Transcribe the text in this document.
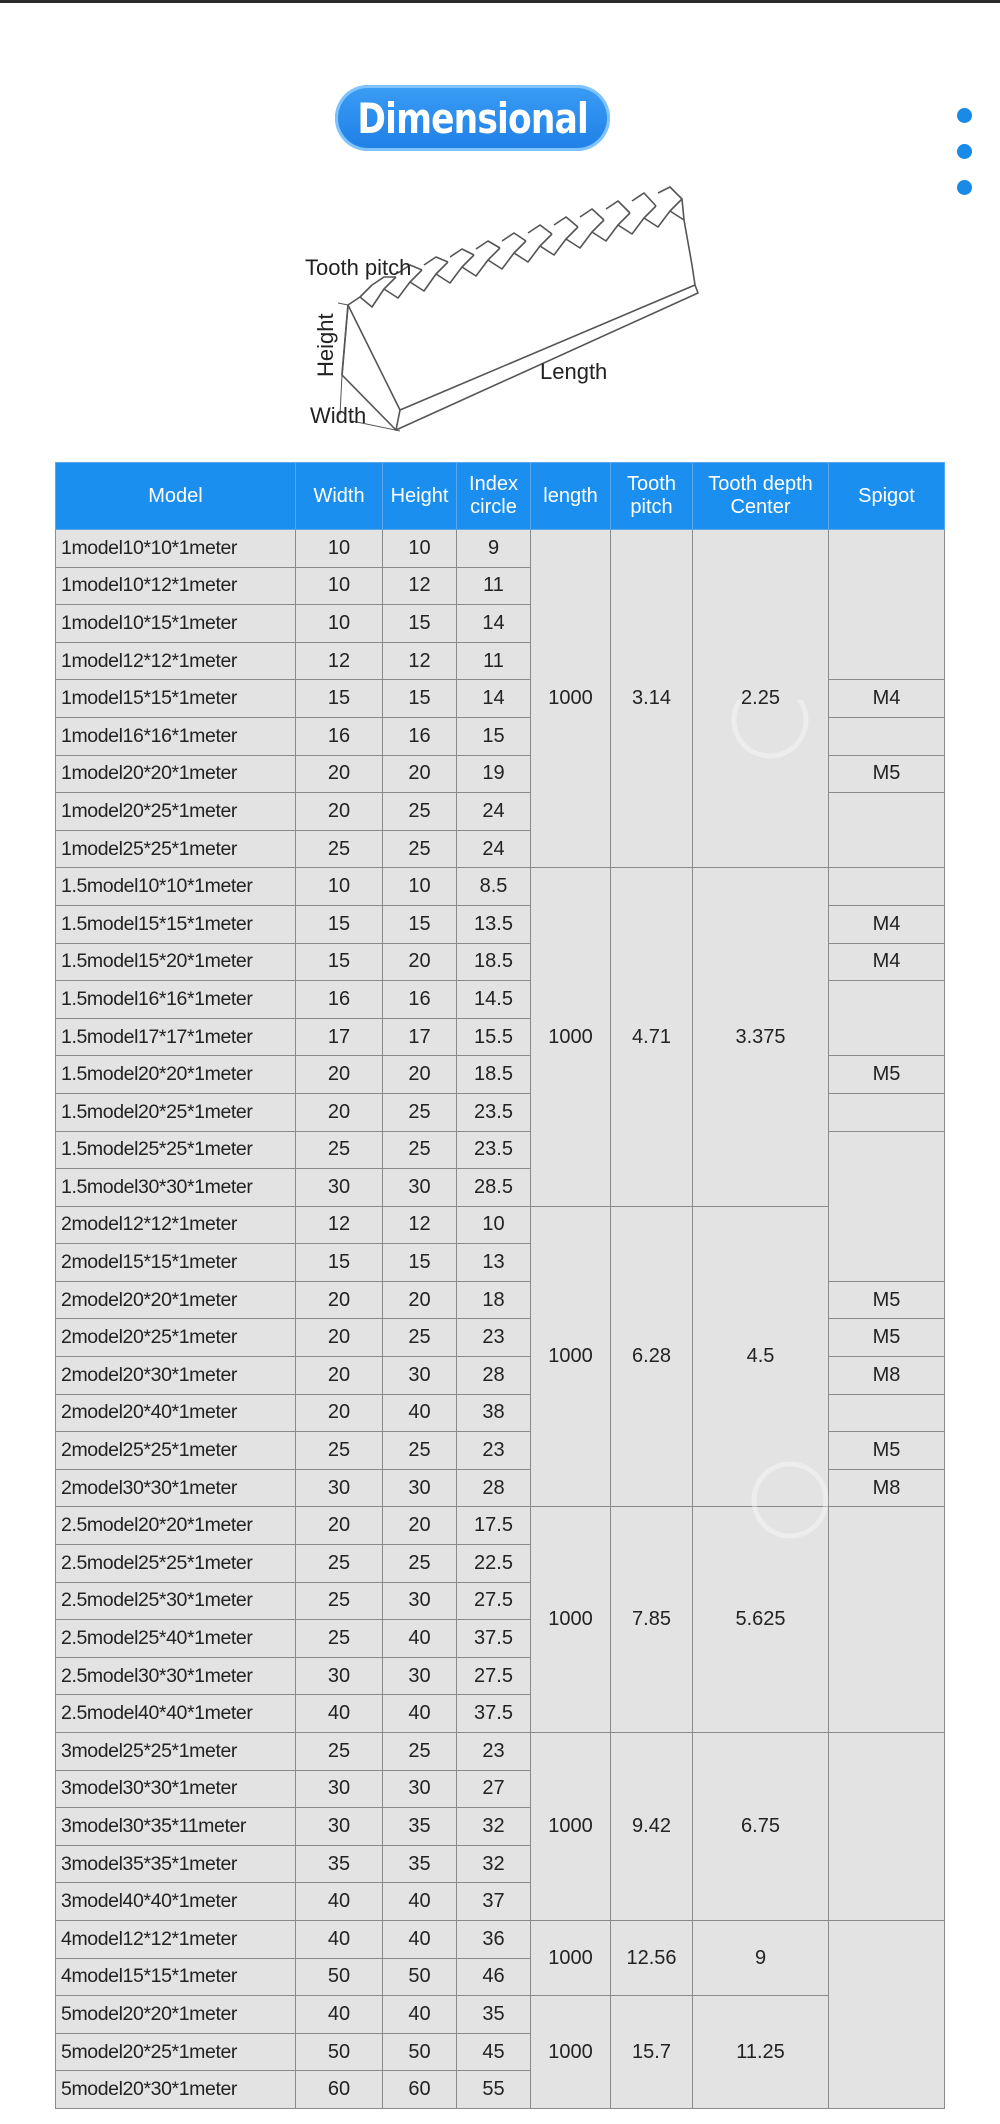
Dimensional
Tooth pitch
Height	Length
Width
Model	Width	Height	Index circle	length	Tooth pitch	Tooth depth Center	Spigot
1model10*10*1meter	10	10	9	1000	3.14	2.25	
1model10*12*1meter	10	12	11				
1model10*15*1meter	10	15	14				
1model12*12*1meter	12	12	11				
1model15*15*1meter	15	15	14				M4
1model16*16*1meter	16	16	15				
1model20*20*1meter	20	20	19				M5
1model20*25*1meter	20	25	24				
1model25*25*1meter	25	25	24				
1.5model10*10*1meter	10	10	8.5	1000	4.71	3.375	
1.5model15*15*1meter	15	15	13.5				M4
1.5model15*20*1meter	15	20	18.5				M4
1.5model16*16*1meter	16	16	14.5				
1.5model17*17*1meter	17	17	15.5				
1.5model20*20*1meter	20	20	18.5				M5
1.5model20*25*1meter	20	25	23.5				
1.5model25*25*1meter	25	25	23.5				
1.5model30*30*1meter	30	30	28.5				
2model12*12*1meter	12	12	10	1000	6.28	4.5	
2model15*15*1meter	15	15	13				
2model20*20*1meter	20	20	18				M5
2model20*25*1meter	20	25	23				M5
2model20*30*1meter	20	30	28				M8
2model20*40*1meter	20	40	38				
2model25*25*1meter	25	25	23				M5
2model30*30*1meter	30	30	28				M8
2.5model20*20*1meter	20	20	17.5	1000	7.85	5.625	
2.5model25*25*1meter	25	25	22.5				
2.5model25*30*1meter	25	30	27.5				
2.5model25*40*1meter	25	40	37.5				
2.5model30*30*1meter	30	30	27.5				
2.5model40*40*1meter	40	40	37.5				
3model25*25*1meter	25	25	23	1000	9.42	6.75	
3model30*30*1meter	30	30	27				
3model30*35*11meter	30	35	32				
3model35*35*1meter	35	35	32				
3model40*40*1meter	40	40	37				
4model12*12*1meter	40	40	36	1000	12.56	9	
4model15*15*1meter	50	50	46				
5model20*20*1meter	40	40	35	1000	15.7	11.25	
5model20*25*1meter	50	50	45				
5model20*30*1meter	60	60	55				
